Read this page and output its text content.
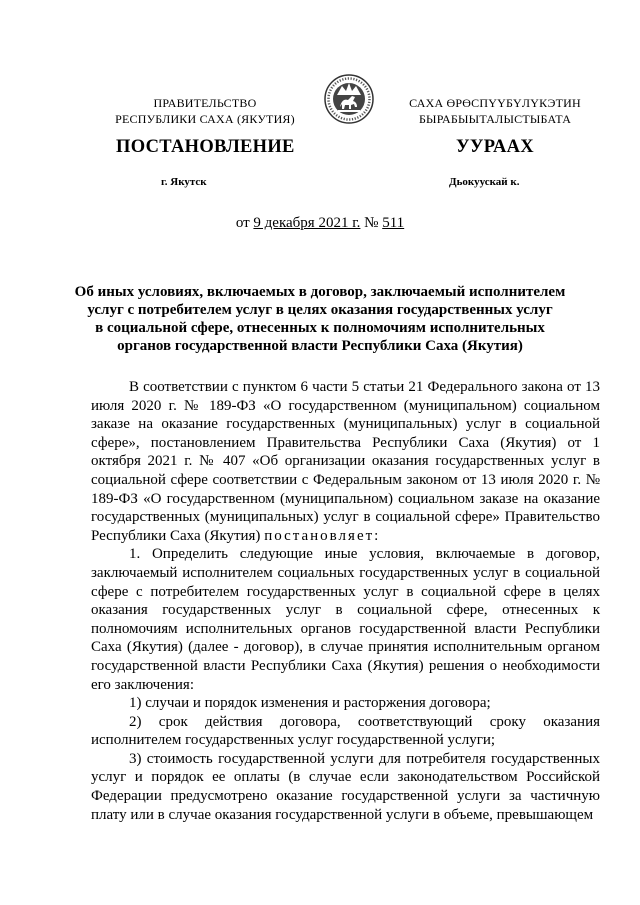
ПРАВИТЕЛЬСТВО
РЕСПУБЛИКИ САХА (ЯКУТИЯ)
САХА ӨРӨСПҮҮБҮЛҮКЭТИН
БЫРАБЫЫТАЛЫСТЫБАТА
ПОСТАНОВЛЕНИЕ	УУРААХ
г. Якутск	Дьокуускай к.
от 9 декабря 2021 г. № 511
Об иных условиях, включаемых в договор, заключаемый исполнителем
услуг с потребителем услуг в целях оказания государственных услуг
в социальной сфере, отнесенных к полномочиям исполнительных
органов государственной власти Республики Саха (Якутия)

В соответствии с пунктом 6 части 5 статьи 21 Федерального закона от 13 июля 2020 г. № 189-ФЗ «О государственном (муниципальном) социальном заказе на оказание государственных (муниципальных) услуг в социальной сфере», постановлением Правительства Республики Саха (Якутия) от 1 октября 2021 г. № 407 «Об организации оказания государственных услуг в социальной сфере соответствии с Федеральным законом от 13 июля 2020 г. № 189-ФЗ «О государственном (муниципальном) социальном заказе на оказание государственных (муниципальных) услуг в социальной сфере» Правительство Республики Саха (Якутия) постановляет:

1. Определить следующие иные условия, включаемые в договор, заключаемый исполнителем социальных государственных услуг в социальной сфере с потребителем государственных услуг в социальной сфере в целях оказания государственных услуг в социальной сфере, отнесенных к полномочиям исполнительных органов государственной власти Республики Саха (Якутия) (далее - договор), в случае принятия исполнительным органом государственной власти Республики Саха (Якутия) решения о необходимости его заключения:

1) случаи и порядок изменения и расторжения договора;

2) срок действия договора, соответствующий сроку оказания исполнителем государственных услуг государственной услуги;

3) стоимость государственной услуги для потребителя государственных услуг и порядок ее оплаты (в случае если законодательством Российской Федерации предусмотрено оказание государственной услуги за частичную плату или в случае оказания государственной услуги в объеме, превышающем
